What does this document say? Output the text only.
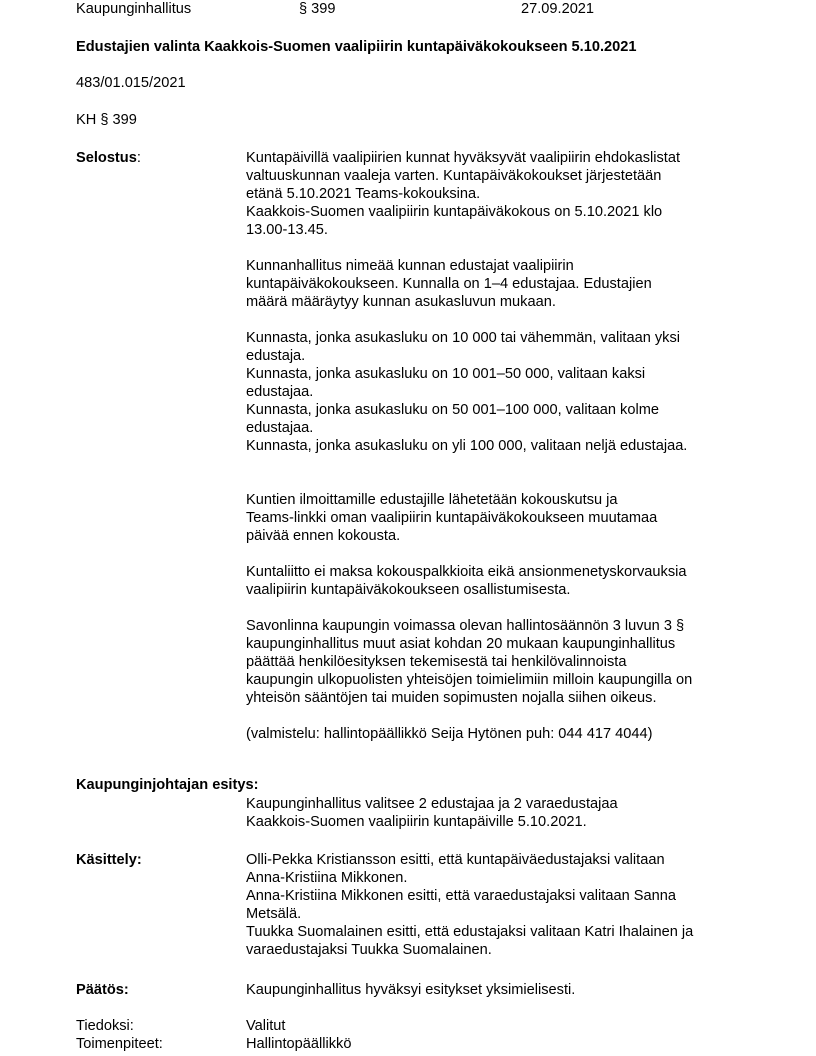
Kaupunginhallitus	§ 399	27.09.2021
Edustajien valinta Kaakkois-Suomen vaalipiirin kuntapäiväkokoukseen 5.10.2021
483/01.015/2021
KH § 399
Selostus:	Kuntapäivillä vaalipiirien kunnat hyväksyvät vaalipiirin ehdokaslistat

valtuuskunnan vaaleja varten. Kuntapäiväkokoukset järjestetään

etänä 5.10.2021 Teams-kokouksina.

Kaakkois-Suomen vaalipiirin kuntapäiväkokous on 5.10.2021 klo

13.00-13.45.

Kunnanhallitus nimeää kunnan edustajat vaalipiirin

kuntapäiväkokoukseen. Kunnalla on 1–4 edustajaa. Edustajien

määrä määräytyy kunnan asukasluvun mukaan.

Kunnasta, jonka asukasluku on 10 000 tai vähemmän, valitaan yksi

edustaja.

Kunnasta, jonka asukasluku on 10 001–50 000, valitaan kaksi

edustajaa.

Kunnasta, jonka asukasluku on 50 001–100 000, valitaan kolme

edustajaa.

Kunnasta, jonka asukasluku on yli 100 000, valitaan neljä edustajaa.

Kuntien ilmoittamille edustajille lähetetään kokouskutsu ja

Teams-linkki oman vaalipiirin kuntapäiväkokoukseen muutamaa

päivää ennen kokousta.

Kuntaliitto ei maksa kokouspalkkioita eikä ansionmenetyskorvauksia

vaalipiirin kuntapäiväkokoukseen osallistumisesta.

Savonlinna kaupungin voimassa olevan hallintosäännön 3 luvun 3 §

kaupunginhallitus muut asiat kohdan 20 mukaan kaupunginhallitus

päättää henkilöesityksen tekemisestä tai henkilövalinnoista

kaupungin ulkopuolisten yhteisöjen toimielimiin milloin kaupungilla on

yhteisön sääntöjen tai muiden sopimusten nojalla siihen oikeus.

(valmistelu: hallintopäällikkö Seija Hytönen puh: 044 417 4044)

Kaupunginjohtajan esitys:

Kaupunginhallitus valitsee 2 edustajaa ja 2 varaedustajaa

Kaakkois-Suomen vaalipiirin kuntapäiville 5.10.2021.

Käsittely:	Olli-Pekka Kristiansson esitti, että kuntapäiväedustajaksi valitaan

Anna-Kristiina Mikkonen.

Anna-Kristiina Mikkonen esitti, että varaedustajaksi valitaan Sanna

Metsälä.

Tuukka Suomalainen esitti, että edustajaksi valitaan Katri Ihalainen ja

varaedustajaksi Tuukka Suomalainen.

Päätös:	Kaupunginhallitus hyväksyi esitykset yksimielisesti.
Tiedoksi:	Valitut
Toimenpiteet:	Hallintopäällikkö
